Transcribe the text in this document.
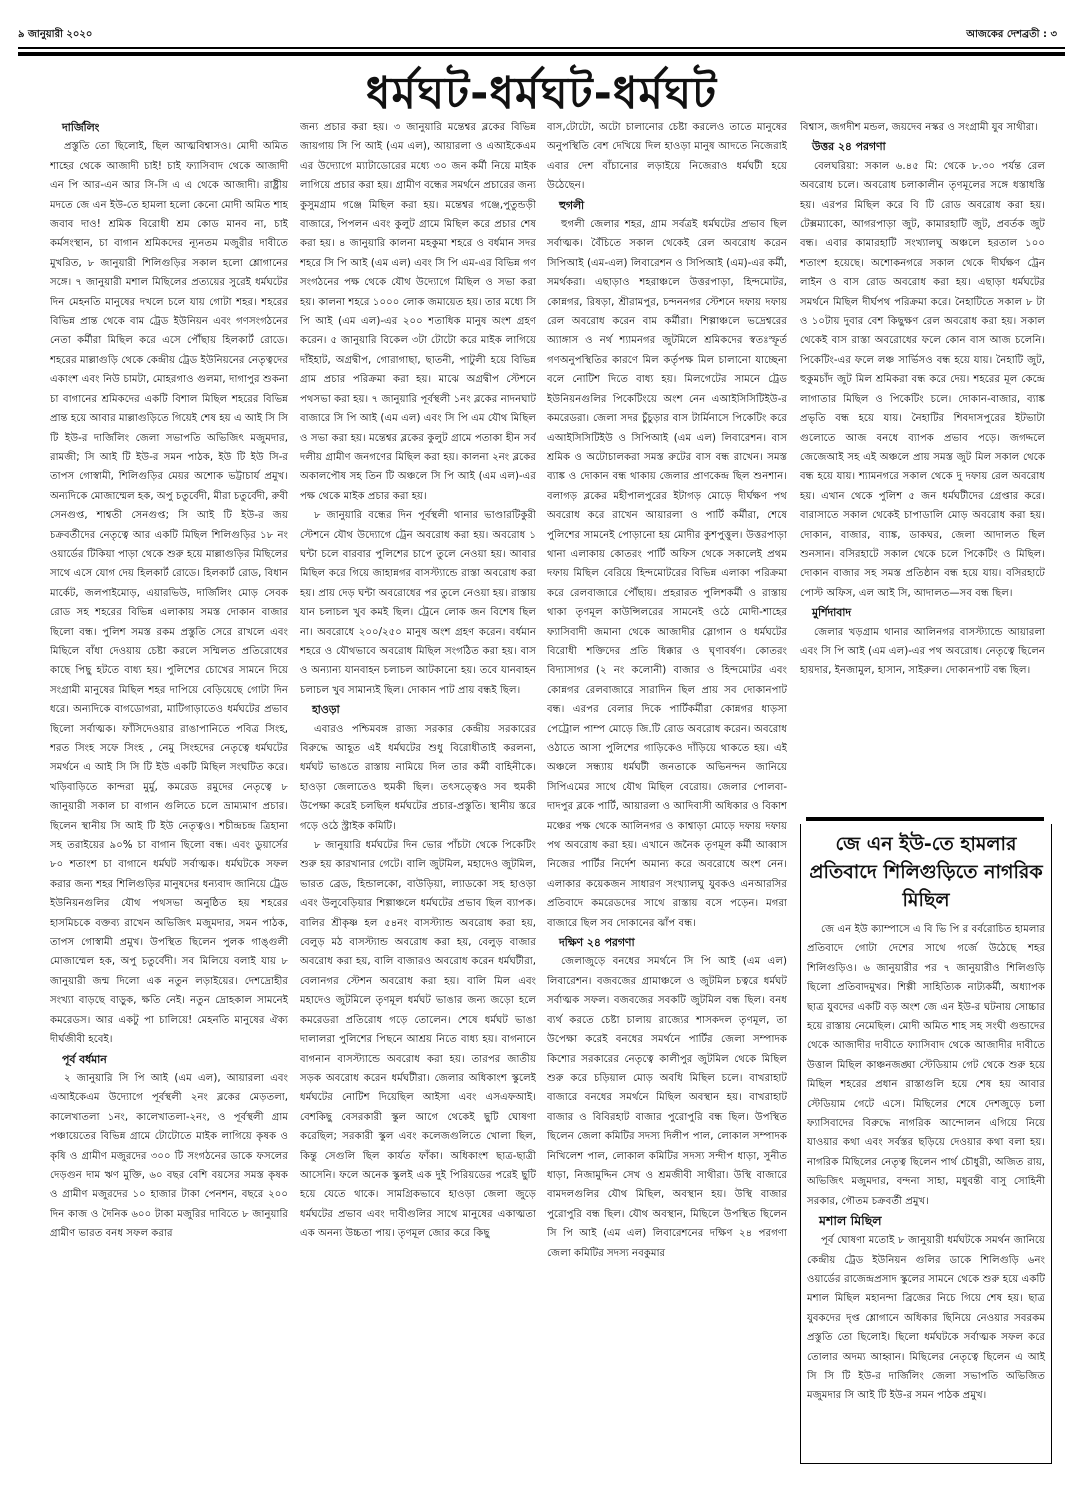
৯ জানুয়ারী ২০২০	আজকের দেশব্রতী : ৩
ধর্মঘট-ধর্মঘট-ধর্মঘট
দার্জিলিং

প্রস্তুতি তো ছিলোই, ছিল আত্মবিশ্বাসও। মোদী অমিত শাহের থেকে আজাদী চাই! চাই ফ্যাসিবাদ থেকে আজাদী এন পি আর-এন আর সি-সি এ এ থেকে আজাদী। রাষ্ট্রীয় মদতে জে এন ইউ-তে হামলা হলো কেনো মোদী অমিত শাহ জবাব দাও! শ্রমিক বিরোধী শ্রম কোড মানব না, চাই কর্মসংস্থান, চা বাগান শ্রমিকদের ন্যূনতম মজুরীর দাবীতে মুখরিত, ৮ জানুয়ারী শিলিগুড়ির সকাল হলো শ্লোগানের সঙ্গে। ৭ জানুয়ারী মশাল মিছিলের প্রত্যয়ের সুরেই ধর্মঘটের দিন মেহনতি মানুষের দখলে চলে যায় গোটা শহর। শহরের বিভিন্ন প্রান্ত থেকে বাম ট্রেড ইউনিয়ন এবং গণসংগঠনের নেতা কর্মীরা মিছিল করে এসে পৌঁছায় হিলকার্ট রোডে। শহরের মাল্লাগুড়ি থেকে কেন্দ্রীয় ট্রেড ইউনিয়নের নেতৃত্বদের একাংশ এবং নিউ চামটা, মোহরগাও গুলমা, দাগাপুর শুকনা চা বাগানের শ্রমিকদের একটি বিশাল মিছিল শহরের বিভিন্ন প্রান্ত হয়ে আবার মাল্লাগুড়িতে গিয়েই শেষ হয় এ আই সি সি টি ইউ-র দার্জিলিং জেলা সভাপতি অভিজিৎ মজুমদার, রামজী; সি আই টি ইউ-র সমন পাঠক, ইউ টি ইউ সি-র তাপস গোস্বামী, শিলিগুড়ির মেয়র অশোক ভট্টাচার্য প্রমুখ। অন্যদিকে মোজাম্মেল হক, অপু চতুর্বেদী, মীরা চতুর্বেদী, রুবী সেনগুপ্ত, শাশ্বতী সেনগুপ্ত; সি আই টি ইউ-র জয় চক্রবর্তীদের নেতৃত্বে আর একটি মিছিল শিলিগুড়ির ১৮ নং ওয়ার্ডের টিকিয়া পাড়া থেকে শুরু হয়ে মাল্লাগুড়ির মিছিলের সাথে এসে যোগ দেয় হিলকার্ট রোডে। হিলকার্ট রোড, বিধান মার্কেট, জলপাইমোড়, এয়ারভিউ, দার্জিলিং মোড় সেবক রোড সহ শহরের বিভিন্ন এলাকায় সমস্ত দোকান বাজার ছিলো বন্ধ। পুলিশ সমস্ত রকম প্রস্তুতি সেরে রাখলে এবং মিছিলে বাঁধা দেওয়ায় চেষ্টা করলে সম্মিলত প্রতিরোধের কাছে পিছু হটতে বাধ্য হয়। পুলিশের চোখের সামনে দিয়ে সংগ্রামী মানুষের মিছিল শহর দাপিয়ে বেড়িয়েছে গোটা দিন ধরে। অন্যদিকে বাগডোগরা, মাটিগাড়াতেও ধর্মঘটের প্রভাব ছিলো সর্বাত্মক। ফাঁসিদেওয়ার রাঙাপানিতে পবিত্র সিংহ, শরত সিংহ সফে সিংহ , নেমু সিংহদের নেতৃত্বে ধর্মঘটের সমর্থনে এ আই সি সি টি ইউ একটি মিছিল সংঘটিত করে। খড়িবাড়িতে কান্দরা মুর্মু, কমরেড রমুদের নেতৃত্বে ৮ জানুয়ারী সকাল চা বাগান গুলিতে চলে ভ্রাম্যমাণ প্রচার। ছিলেন স্থানীয় সি আই টি ইউ নেতৃত্বও। শচীন্দ্রচন্দ্র ত্রিহানা সহ তরাইয়ের ৯০% চা বাগান ছিলো বন্ধ। এবং ডুয়ার্সের ৮০ শতাংশ চা বাগানে ধর্মঘট সর্বাত্মক। ধর্মঘটকে সফল করার জন্য শহর শিলিগুড়ির মানুষদের ধন্যবাদ জানিয়ে ট্রেড ইউনিয়নগুলির যৌথ পথসভা অনুষ্ঠিত হয় শহরের হাসমিচকে বক্তব্য রাখেন অভিজিৎ মজুমদার, সমন পাঠক, তাপস গোস্বামী প্রমুখ। উপস্থিত ছিলেন পুলক গাঙ্গুলী মোজাম্মেল হক, অপু চতুর্বেদী। সব মিলিয়ে বলাই যায় ৮ জানুয়ারী জন্ম দিলো এক নতুন লড়াইয়ের। দেশদ্রোহীর সংখ্যা বাড়ছে বাড়ুক, ক্ষতি নেই। নতুন দ্রোহকাল সামনেই কমরেডস। আর একটু পা চালিয়ে! মেহনতি মানুষের ঐক্য দীর্ঘজীবী হবেই।

পূর্ব বর্ধমান

২ জানুয়ারি সি পি আই (এম এল), আয়ারলা এবং এআইকেএম উদ্যোগে পূর্বস্থলী ২নং ব্লকের মেড়তলা, কালেখাতলা ১নং, কালেখাতলা-২নং, ও পূর্বস্থলী গ্রাম পঞ্চায়েতের বিভিন্ন গ্রামে টোটোতে মাইক লাগিয়ে কৃষক ও কৃষি ও গ্রামীণ মজুরদের ৩০০ টি সংগঠনের ডাকে ফসলের দেড়গুন দাম ঋণ মুক্তি, ৬০ বছর বেশি বয়সের সমস্ত কৃষক ও গ্রামীণ মজুরদের ১০ হাজার টাকা পেনশন, বছরে ২০০ দিন কাজ ও দৈনিক ৬০০ টাকা মজুরির দাবিতে ৮ জানুয়ারি গ্রামীণ ভারত বনধ সফল করার

জন্য প্রচার করা হয়। ৩ জানুয়ারি মন্তেশ্বর ব্লকের বিভিন্ন জায়গায় সি পি আই (এম এল), আয়ারলা ও এআইকেএম এর উদ্যোগে ম্যাটাডোরের মধ্যে ৩০ জন কর্মী নিয়ে মাইক লাগিয়ে প্রচার করা হয়। গ্রামীণ বন্ধের সমর্থনে প্রচারের জন্য কুসুমগ্রাম গঞ্জে মিছিল করা হয়। মন্তেশ্বর গঞ্জে,পুতুন্ডড়ী বাজারে, পিপলন এবং কুলুট গ্রামে মিছিল করে প্রচার শেষ করা হয়। ৪ জানুয়ারি কালনা মহকুমা শহরে ও বর্ধমান সদর শহরে সি পি আই (এম এল) এবং সি পি এম-এর বিভিন্ন গণ সংগঠনের পক্ষ থেকে যৌথ উদ্যোগে মিছিল ও সভা করা হয়। কালনা শহরে ১০০০ লোক জমায়েত হয়। তার মধ্যে সি পি আই (এম এল)-এর ২০০ শতাধিক মানুষ অংশ গ্রহণ করেন। ৫ জানুয়ারি বিকেল ৩টা টোটো করে মাইক লাগিয়ে দাঁইহাট, অগ্রদ্বীপ, গোরাগাছা, ছাতনী, পাটুলী হয়ে বিভিন্ন গ্রাম প্রচার পরিক্রমা করা হয়। মাঝে অগ্রদ্বীপ স্টেশনে পথসভা করা হয়। ৭ জানুয়ারি পূর্বস্থলী ১নং ব্লকের নাদনঘাট বাজারে সি পি আই (এম এল) এবং সি পি এম যৌথ মিছিল ও সভা করা হয়। মন্তেশ্বর ব্লকের কুলুট গ্রামে পতাকা হীন সর্ব দলীয় গ্রামীণ জনগণের মিছিল করা হয়। কালনা ২নং ব্লকের অকালপৌষ সহ তিন টি অঞ্চলে সি পি আই (এম এল)-এর পক্ষ থেকে মাইক প্রচার করা হয়।

৮ জানুয়ারি বন্ধের দিন পূর্বস্থলী থানার ভাণ্ডারটিকুরী স্টেশনে যৌথ উদ্যোগে ট্রেন অবরোধ করা হয়। অবরোধ ১ ঘন্টা চলে বারবার পুলিশের চাপে তুলে নেওয়া হয়। আবার মিছিল করে গিয়ে জাহান্নগর বাসস্ট্যান্ডে রাস্তা অবরোধ করা হয়। প্রায় দেড় ঘন্টা অবরোধের পর তুলে নেওয়া হয়। রাস্তায় যান চলাচল খুব কমই ছিল। ট্রেনে লোক জন বিশেষ ছিল না। অবরোধে ২০০/২৫০ মানুষ অংশ গ্রহণ করেন। বর্ধমান শহরে ও যৌথভাবে অবরোধ মিছিল সংগঠিত করা হয়। বাস ও অন্যান্য যানবাহন চলাচল আটকানো হয়। তবে যানবাহন চলাচল খুব সামান্যই ছিল। দোকান পাট প্রায় বন্ধই ছিল।

হাওড়া

এবারও পশ্চিমবঙ্গ রাজ্য সরকার কেন্দ্রীয় সরকারের বিরুদ্ধে আহূত এই ধর্মঘটের শুধু বিরোধীতাই করলনা, ধর্মঘট ভাঙতে রাস্তায় নামিয়ে দিল তার কর্মী বাহিনীকে। হাওড়া জেলাতেও হুমকী ছিল। তৎসত্ত্বেও সব হুমকী উপেক্ষা করেই চলছিল ধর্মঘটের প্রচার-প্রস্তুতি। স্থানীয় স্তরে গড়ে ওঠে স্ট্রাইক কমিটি।

৮ জানুয়ারি ধর্মঘটের দিন ভোর পাঁচটা থেকে পিকেটিং শুরু হয় কারখানার গেটে। বালি জুটমিল, মহাদেও জুটমিল, ভারত ব্রেড, হিন্ডালকো, বাউড়িয়া, ল্যাডকো সহ হাওড়া এবং উলুবেড়িয়ার শিল্পাঞ্চলে ধর্মঘটের প্রভাব ছিল ব্যাপক। বালির শ্রীকৃষ্ণ হল ৫৪নং বাসস্ট্যান্ড অবরোধ করা হয়, বেলুড় মঠ বাসস্ট্যান্ড অবরোধ করা হয়, বেলুড় বাজার অবরোধ করা হয়, বালি বাজারও অবরোধ করেন ধর্মঘটীরা, বেলানগর স্টেশন অবরোধ করা হয়। বালি মিল এবং মহাদেও জুটমিলে তৃণমূল ধর্মঘট ভাঙার জন্য জড়ো হলে কমরেডরা প্রতিরোধ গড়ে তোলেন। শেষে ধর্মঘট ভাঙা দালালরা পুলিশের পিছনে আশ্রয় নিতে বাধ্য হয়। বাগনানে বাগনান বাসস্ট্যান্ডে অবরোধ করা হয়। তারপর জাতীয় সড়ক অবরোধ করেন ধর্মঘটীরা। জেলার অধিকাংশ স্কুলেই ধর্মঘটের নোটিশ দিয়েছিল আইসা এবং এসএফআই। বেশকিছু বেসরকারী স্কুল আগে থেকেই ছুটি ঘোষণা করেছিল; সরকারী স্কুল এবং কলেজগুলিতে খোলা ছিল, কিন্তু সেগুলি ছিল কার্যত ফাঁকা। অধিকাংশ ছাত্র-ছাত্রী আসেনি। ফলে অনেক স্কুলই এক দুই পিরিয়ডের পরেই ছুটি হয়ে যেতে থাকে। সামগ্রিকভাবে হাওড়া জেলা জুড়ে ধর্মঘটের প্রভাব এবং দাবীগুলির সাথে মানুষের একাত্মতা এক অনন্য উচ্চতা পায়। তৃণমূল জোর করে কিছু

বাস,টোটো, অটো চালানোর চেষ্টা করলেও তাতে মানুষের অনুপস্থিতি বেশ দেখিয়ে দিল হাওড়া মানুষ আদতে নিজেরাই এবার দেশ বাঁচানোর লড়াইয়ে নিজেরাও ধর্মঘটী হয়ে উঠেছেন।

হুগলী

হুগলী জেলার শহর, গ্রাম সর্বত্রই ধর্মঘটের প্রভাব ছিল সর্বাত্মক। বৈঁচিতে সকাল থেকেই রেল অবরোধ করেন সিপিআই (এম-এল) লিবারেশন ও সিপিআই (এম)-এর কর্মী, সমর্থকরা। এছাড়াও শহরাঞ্চলে উত্তরপাড়া, হিন্দমোটর, কোন্নগর, রিষড়া, শ্রীরামপুর, চন্দননগর স্টেশনে দফায় দফায় রেল অবরোধ করেন বাম কর্মীরা। শিল্পাঞ্চলে ভদ্রেশ্বরের অ্যাঙ্গাস ও নর্থ শ্যামনগর জুটমিলে শ্রমিকদের স্বতঃস্ফূর্ত গণঅনুপস্থিতির কারণে মিল কর্তৃপক্ষ মিল চালানো যাচ্ছেনা বলে নোটিশ দিতে বাধ্য হয়। মিলগেটের সামনে ট্রেড ইউনিয়নগুলির পিকেটিংয়ে অংশ নেন এআইসিসিটিইউ-র কমরেডরা। জেলা সদর চুঁচুড়ার বাস টার্মিনাসে পিকেটিং করে এআইসিসিটিইউ ও সিপিআই (এম এল) লিবারেশন। বাস শ্রমিক ও অটোচালকরা সমস্ত রুটের বাস বন্ধ রাখেন। সমস্ত ব্যাঙ্ক ও দোকান বন্ধ থাকায় জেলার প্রাণকেন্দ্র ছিল শুনশান। বলাগড় ব্লকের মহীপালপুরের ইটাগড় মোড়ে দীর্ঘক্ষণ পথ অবরোধ করে রাখেন আয়ারলা ও পার্টি কর্মীরা, শেষে পুলিশের সামনেই পোড়ানো হয় মোদীর কুশপুত্তুল। উত্তরপাড়া থানা এলাকায় কোতরং পার্টি অফিস থেকে সকালেই প্রথম দফায় মিছিল বেরিয়ে হিন্দমোটরের বিভিন্ন এলাকা পরিক্রমা করে রেলবাজারে পৌঁছায়। প্রহরারত পুলিশকর্মী ও রাস্তায় থাকা তৃণমূল কাউন্সিলরের সামনেই ওঠে মোদী-শাহের ফ্যাসিবাদী জমানা থেকে আজাদীর স্লোগান ও ধর্মঘটের বিরোধী শক্তিদের প্রতি ধিক্কার ও ঘৃণাবর্ষণ। কোতরং বিদ্যাসাগর (২ নং কলোনী) বাজার ও হিন্দমোটর এবং কোন্নগর রেলবাজারে সারাদিন ছিল প্রায় সব দোকানপাট বন্ধ। এরপর বেলার দিকে পার্টিকর্মীরা কোন্নগর ধাড়সা পেট্রোল পাম্প মোড়ে জি.টি রোড অবরোধ করেন। অবরোধ ওঠাতে আসা পুলিশের গাড়িকেও দাঁড়িয়ে থাকতে হয়। এই অঞ্চলে সন্ধ্যায় ধর্মঘটী জনতাকে অভিনন্দন জানিয়ে সিপিএমের সাথে যৌথ মিছিল বেরোয়। জেলার পোলবা-দাদপুর ব্লকে পার্টি, আয়ারলা ও আদিবাসী অধিকার ও বিকাশ মঞ্চের পক্ষ থেকে আলিনগর ও কাশ্বাড়া মোড়ে দফায় দফায় পথ অবরোধ করা হয়। এখানে জনৈক তৃণমূল কর্মী আব্বাস নিজের পার্টির নির্দেশ অমান্য করে অবরোধে অংশ নেন। এলাকার কয়েকজন সাধারণ সংখ্যালঘু যুবকও এনআরসির প্রতিবাদে কমরেডদের সাথে রাস্তায় বসে পড়েন। মগরা বাজারে ছিল সব দোকানের ঝাঁপ বন্ধ।

দক্ষিণ ২৪ পরগণা

জেলাজুড়ে বনধের সমর্থনে সি পি আই (এম এল) লিবারেশন। বজবজের গ্রামাঞ্চলে ও জুটমিল চত্বরে ধর্মঘট সর্বাত্মক সফল। বজবজের সবকটি জুটমিল বন্ধ ছিল। বনধ ব্যর্থ করতে চেষ্টা চালায় রাজ্যের শাসকদল তৃণমূল, তা উপেক্ষা করেই বনধের সমর্থনে পার্টির জেলা সম্পাদক কিশোর সরকারের নেতৃত্বে কালীপুর জুটমিল থেকে মিছিল শুরু করে চড়িয়াল মোড় অবধি মিছিল চলে। বাখরাহাট বাজারে বনধের সমর্থনে মিছিল অবস্থান হয়। বাখরাহাট বাজার ও বিবিরহাট বাজার পুরোপুরি বন্ধ ছিল। উপস্থিত ছিলেন জেলা কমিটির সদস্য দিলীপ পাল, লোকাল সম্পাদক নিখিলেশ পাল, লোকাল কমিটির সদস্য সন্দীপ ধাড়া, সুনীত ধাড়া, নিজামুদ্দিন সেখ ও শ্রমজীবী সাথীরা। উস্থি বাজারে বামদলগুলির যৌথ মিছিল, অবস্থান হয়। উস্থি বাজার পুরোপুরি বন্ধ ছিল। যৌথ অবস্থান, মিছিলে উপস্থিত ছিলেন সি পি আই (এম এল) লিবারেশনের দক্ষিণ ২৪ পরগণা জেলা কমিটির সদস্য নবকুমার

বিশ্বাস, জগদীশ মন্ডল, জয়দেব নস্কর ও সংগ্রামী যুব সাথীরা।

উত্তর ২৪ পরগণা

বেলঘরিয়া: সকাল ৬.৪৫ মি: থেকে ৮.৩০ পর্যন্ত রেল অবরোধ চলে। অবরোধ চলাকালীন তৃণমূলের সঙ্গে ধস্তাধস্তি হয়। এরপর মিছিল করে বি টি রোড অবরোধ করা হয়। টেক্সম্যাকো, আগরপাড়া জুট, কামারহাটি জুট, প্রবর্তক জুট বন্ধ। এবার কামারহাটি সংখ্যালঘু অঞ্চলে হরতাল ১০০ শতাংশ হয়েছে। অশোকনগরে সকাল থেকে দীর্ঘক্ষণ ট্রেন লাইন ও বাস রোড অবরোধ করা হয়। এছাড়া ধর্মঘটের সমর্থনে মিছিল দীর্ঘপথ পরিক্রমা করে। নৈহাটিতে সকাল ৮ টা ও ১০টায় দুবার বেশ কিছুক্ষণ রেল অবরোধ করা হয়। সকাল থেকেই বাস রাস্তা অবরোধের ফলে কোন বাস আজ চলেনি। পিকেটিং-এর ফলে লঞ্চ সার্ভিসও বন্ধ হয়ে যায়। নৈহাটি জুট, হুকুমচাঁদ জুট মিল শ্রমিকরা বন্ধ করে দেয়। শহরের মূল কেন্দ্রে লাগাতার মিছিল ও পিকেটিং চলে। দোকান-বাজার, ব্যাঙ্ক প্রভৃতি বন্ধ হয়ে যায়। নৈহাটির শিবদাসপুরের ইটভাটা গুলোতে আজ বনধে ব্যাপক প্রভাব পড়ে। জগদ্দলে জেজেআই সহ এই অঞ্চলে প্রায় সমস্ত জুট মিল সকাল থেকে বন্ধ হয়ে যায়। শ্যামনগরে সকাল থেকে দু দফায় রেল অবরোধ হয়। এখান থেকে পুলিশ ৫ জন ধর্মঘটীদের গ্রেপ্তার করে। বারাসাতে সকাল থেকেই চাপাডালি মোড় অবরোধ করা হয়। দোকান, বাজার, ব্যাঙ্ক, ডাকঘর, জেলা আদালত ছিল শুনসান। বসিরহাটে সকাল থেকে চলে পিকেটিং ও মিছিল। দোকান বাজার সহ সমস্ত প্রতিষ্ঠান বন্ধ হয়ে যায়। বসিরহাটে পোস্ট অফিস, এল আই সি, আদালত—সব বন্ধ ছিল।

মুর্শিদাবাদ

জেলার খড়গ্রাম থানার আলিনগর বাসস্ট্যান্ডে আয়ারলা এবং সি পি আই (এম এল)-এর পথ অবরোধ। নেতৃত্বে ছিলেন হায়দার, ইনজামুল, হাসান, সাইরুল। দোকানপাট বন্ধ ছিল।

জে এন ইউ-তে হামলার প্রতিবাদে শিলিগুড়িতে নাগরিক মিছিল

জে এন ইউ ক্যাম্পাসে এ বি ভি পি র বর্বরোচিত হামলার প্রতিবাদে গোটা দেশের সাথে গর্জে উঠেছে শহর শিলিগুড়িও। ৬ জানুয়ারীর পর ৭ জানুয়ারীও শিলিগুড়ি ছিলো প্রতিবাদমুখর। শিল্পী সাহিত্যিক নাট্যকর্মী, অধ্যাপক ছাত্র যুবদের একটি বড় অংশ জে এন ইউ-র ঘটনায় সোচ্চার হয়ে রাস্তায় নেমেছিল। মোদী অমিত শাহ সহ সংঘী গুন্ডাদের থেকে আজাদীর দাবীতে ফ্যাসিবাদ থেকে আজাদীর দাবীতে উত্তাল মিছিল কাঞ্চনজঙ্ঘা স্টেডিয়াম গেট থেকে শুরু হয়ে মিছিল শহরের প্রধান রাস্তাগুলি হয়ে শেষ হয় আবার স্টেডিয়াম গেটে এসে। মিছিলের শেষে দেশজুড়ে চলা ফ্যাসিবাদের বিরুদ্ধে নাগরিক আন্দোলন এগিয়ে নিয়ে যাওয়ার কথা এবং সর্বস্তর ছড়িয়ে দেওয়ার কথা বলা হয়। নাগরিক মিছিলের নেতৃত্ব ছিলেন পার্থ চৌধুরী, অজিত রায়, অভিজিৎ মজুমদার, বন্দনা সাহা, মধুবন্তী বাসু সোহিনী সরকার, গৌতম চক্রবর্তী প্রমুখ।

মশাল মিছিল

পূর্ব ঘোষণা মতোই ৮ জানুয়ারী ধর্মঘটকে সমর্থন জানিয়ে কেন্দ্রীয় ট্রেড ইউনিয়ন গুলির ডাকে শিলিগুড়ি ৬নং ওয়ার্ডের রাজেন্দ্রপ্রসাদ স্কুলের সামনে থেকে শুরু হয়ে একটি মশাল মিছিল মহানন্দা ব্রিজের নিচে গিয়ে শেষ হয়। ছাত্র যুবকদের দৃপ্ত শ্লোগানে অধিকার ছিনিয়ে নেওয়ার সবরকম প্রস্তুতি তো ছিলোই। ছিলো ধর্মঘটকে সর্বাত্মক সফল করে তোলার অদম্য আহ্বান। মিছিলের নেতৃত্বে ছিলেন এ আই সি সি টি ইউ-র দার্জিলিং জেলা সভাপতি অভিজিত মজুমদার সি আই টি ইউ-র সমন পাঠক প্রমুখ।
